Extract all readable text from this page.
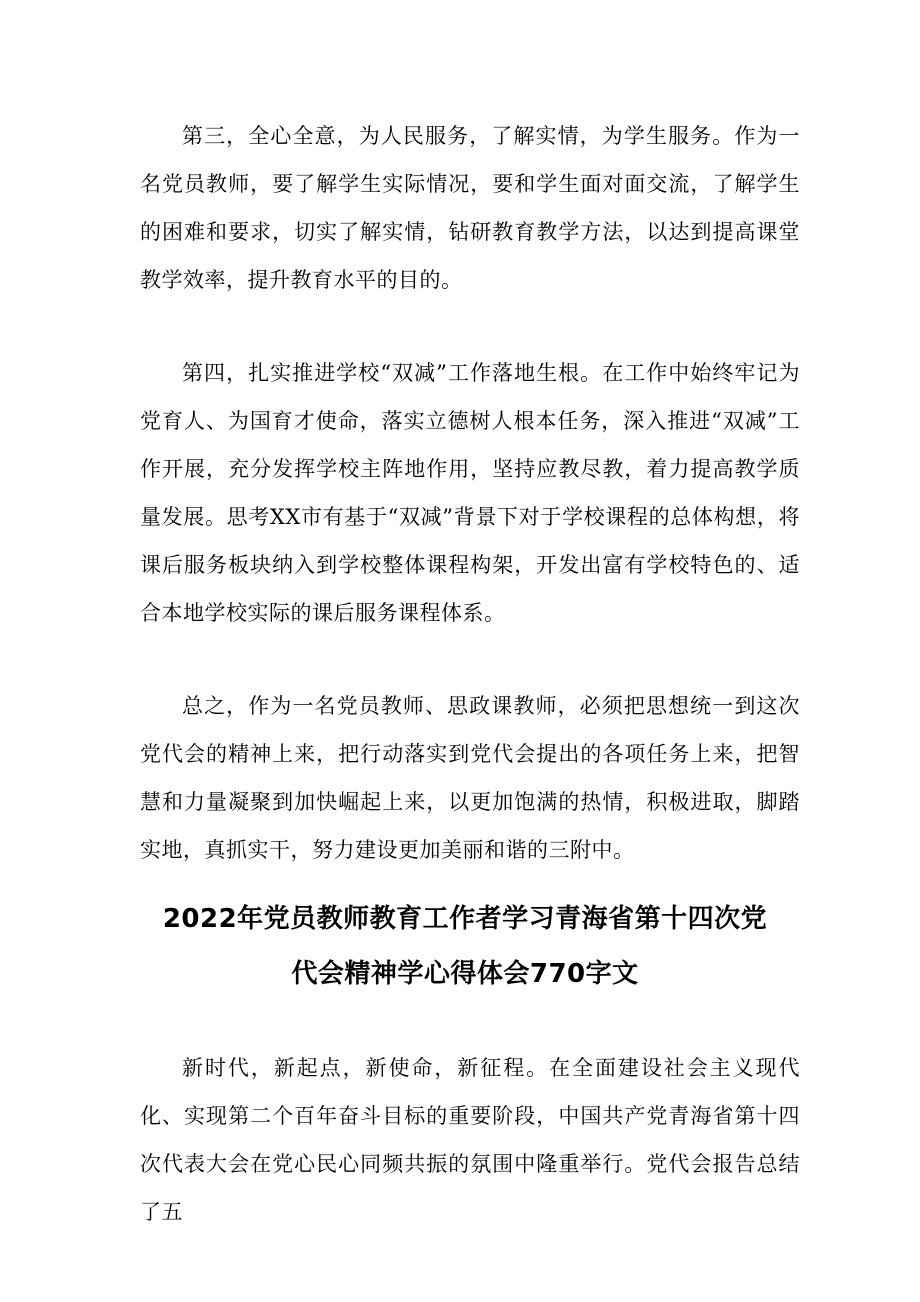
第三，全心全意，为人民服务，了解实情，为学生服务。作为一名党员教师，要了解学生实际情况，要和学生面对面交流，了解学生的困难和要求，切实了解实情，钻研教育教学方法，以达到提高课堂教学效率，提升教育水平的目的。

第四，扎实推进学校“双减”工作落地生根。在工作中始终牢记为党育人、为国育才使命，落实立德树人根本任务，深入推进“双减”工作开展，充分发挥学校主阵地作用，坚持应教尽教，着力提高教学质量发展。思考XX市有基于“双减”背景下对于学校课程的总体构想，将课后服务板块纳入到学校整体课程构架，开发出富有学校特色的、适合本地学校实际的课后服务课程体系。

总之，作为一名党员教师、思政课教师，必须把思想统一到这次党代会的精神上来，把行动落实到党代会提出的各项任务上来，把智慧和力量凝聚到加快崛起上来，以更加饱满的热情，积极进取，脚踏实地，真抓实干，努力建设更加美丽和谐的三附中。

2022年党员教师教育工作者学习青海省第十四次党
代会精神学心得体会770字文

新时代，新起点，新使命，新征程。在全面建设社会主义现代化、实现第二个百年奋斗目标的重要阶段，中国共产党青海省第十四次代表大会在党心民心同频共振的氛围中隆重举行。党代会报告总结了五
